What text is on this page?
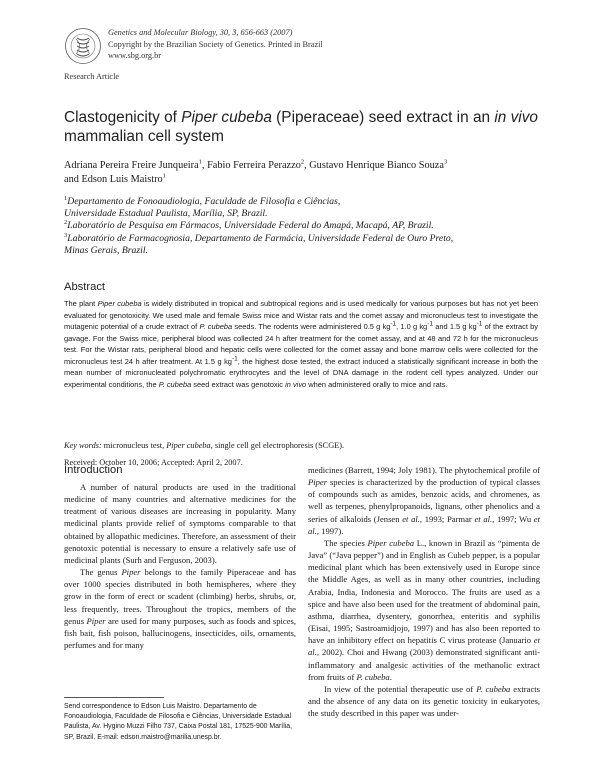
Genetics and Molecular Biology, 30, 3, 656-663 (2007)
Copyright by the Brazilian Society of Genetics. Printed in Brazil
www.sbg.org.br
Research Article
Clastogenicity of Piper cubeba (Piperaceae) seed extract in an in vivo mammalian cell system
Adriana Pereira Freire Junqueira$^1$, Fabio Ferreira Perazzo$^2$, Gustavo Henrique Bianco Souza$^3$
and Edson Luis Maistro$^1$
$^1$Departamento de Fonoaudiologia, Faculdade de Filosofia e Ciências,
Universidade Estadual Paulista, Marília, SP, Brazil.
$^2$Laboratório de Pesquisa em Fármacos, Universidade Federal do Amapá, Macapá, AP, Brazil.
$^3$Laboratório de Farmacognosia, Departamento de Farmácia, Universidade Federal de Ouro Preto,
Minas Gerais, Brazil.
Abstract
The plant Piper cubeba is widely distributed in tropical and subtropical regions and is used medically for various purposes but has not yet been evaluated for genotoxicity. We used male and female Swiss mice and Wistar rats and the comet assay and micronucleus test to investigate the mutagenic potential of a crude extract of P. cubeba seeds. The rodents were administered 0.5 g $kg^{-1}$, 1.0 g $kg^{-1}$ and 1.5 g $kg^{-1}$ of the extract by gavage. For the Swiss mice, peripheral blood was collected 24 h after treatment for the comet assay, and at 48 and 72 h for the micronucleus test. For the Wistar rats, peripheral blood and hepatic cells were collected for the comet assay and bone marrow cells were collected for the micronucleus test 24 h after treatment. At 1.5 g $kg^{-1}$, the highest dose tested, the extract induced a statistically significant increase in both the mean number of micronucleated polychromatic erythrocytes and the level of DNA damage in the rodent cell types analyzed. Under our experimental conditions, the P. cubeba seed extract was genotoxic in vivo when administered orally to mice and rats.
Key words: micronucleus test, Piper cubeba, single cell gel electrophoresis (SCGE).
Received: October 10, 2006; Accepted: April 2, 2007.
Introduction

A number of natural products are used in the traditional medicine of many countries and alternative medicines for the treatment of various diseases are increasing in popularity. Many medicinal plants provide relief of symptoms comparable to that obtained by allopathic medicines. Therefore, an assessment of their genotoxic potential is necessary to ensure a relatively safe use of medicinal plants (Surh and Ferguson, 2003).

The genus Piper belongs to the family Piperaceae and has over 1000 species distributed in both hemispheres, where they grow in the form of erect or scadent (climbing) herbs, shrubs, or, less frequently, trees. Throughout the tropics, members of the genus Piper are used for many purposes, such as foods and spices, fish bait, fish poison, hallucinogens, insecticides, oils, ornaments, perfumes and for many

medicines (Barrett, 1994; Joly 1981). The phytochemical profile of Piper species is characterized by the production of typical classes of compounds such as amides, benzoic acids, and chromenes, as well as terpenes, phenylpropanoids, lignans, other phenolics and a series of alkaloids (Jensen et al., 1993; Parmar et al., 1997; Wu et al., 1997).

The species Piper cubeba L., known in Brazil as “pimenta de Java” (“Java pepper”) and in English as Cubeb pepper, is a popular medicinal plant which has been extensively used in Europe since the Middle Ages, as well as in many other countries, including Arabia, India, Indonesia and Morocco. The fruits are used as a spice and have also been used for the treatment of abdominal pain, asthma, diarrhea, dysentery, gonorrhea, enteritis and syphilis (Eisai, 1995; Sastroamidjojo, 1997) and has also been reported to have an inhibitory effect on hepatitis C virus protease (Januario et al., 2002). Choi and Hwang (2003) demonstrated significant anti-inflammatory and analgesic activities of the methanolic extract from fruits of P. cubeba.

In view of the potential therapeutic use of P. cubeba extracts and the absence of any data on its genetic toxicity in eukaryotes, the study described in this paper was under-

Send correspondence to Edson Luis Maistro. Departamento de Fonoaudiologia, Faculdade de Filosofia e Ciências, Universidade Estadual Paulista, Av. Hygino Muzzi Filho 737, Caixa Postal 181, 17525-900 Marília, SP, Brazil. E-mail: edson.maistro@marilia.unesp.br.
